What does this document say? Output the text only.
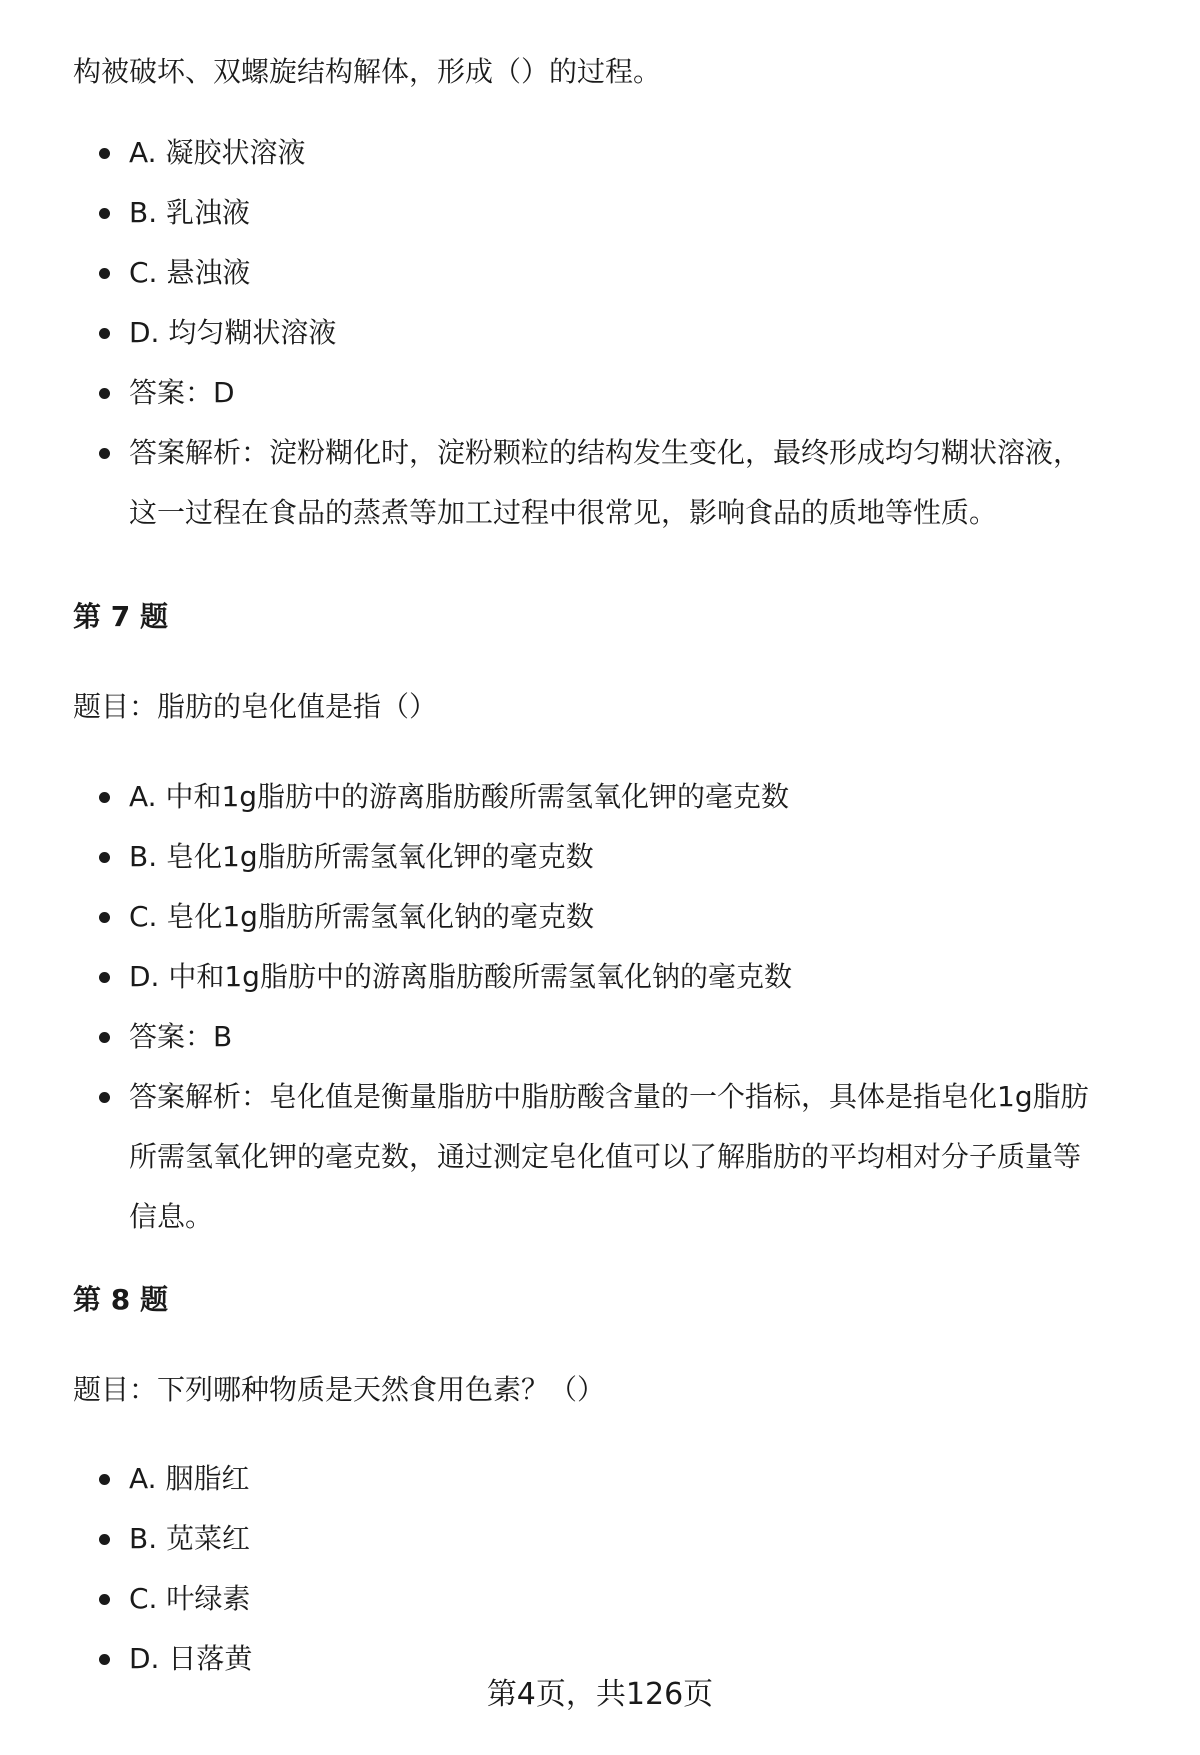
构被破坏、双螺旋结构解体，形成（）的过程。
A. 凝胶状溶液
B. 乳浊液
C. 悬浊液
D. 均匀糊状溶液
答案：D
答案解析：淀粉糊化时，淀粉颗粒的结构发生变化，最终形成均匀糊状溶液，
这一过程在食品的蒸煮等加工过程中很常见，影响食品的质地等性质。
第 7 题
题目：脂肪的皂化值是指（）
A. 中和1g脂肪中的游离脂肪酸所需氢氧化钾的毫克数
B. 皂化1g脂肪所需氢氧化钾的毫克数
C. 皂化1g脂肪所需氢氧化钠的毫克数
D. 中和1g脂肪中的游离脂肪酸所需氢氧化钠的毫克数
答案：B
答案解析：皂化值是衡量脂肪中脂肪酸含量的一个指标，具体是指皂化1g脂肪
所需氢氧化钾的毫克数，通过测定皂化值可以了解脂肪的平均相对分子质量等
信息。
第 8 题
题目：下列哪种物质是天然食用色素？（）
A. 胭脂红
B. 苋菜红
C. 叶绿素
D. 日落黄
第4页，共126页
